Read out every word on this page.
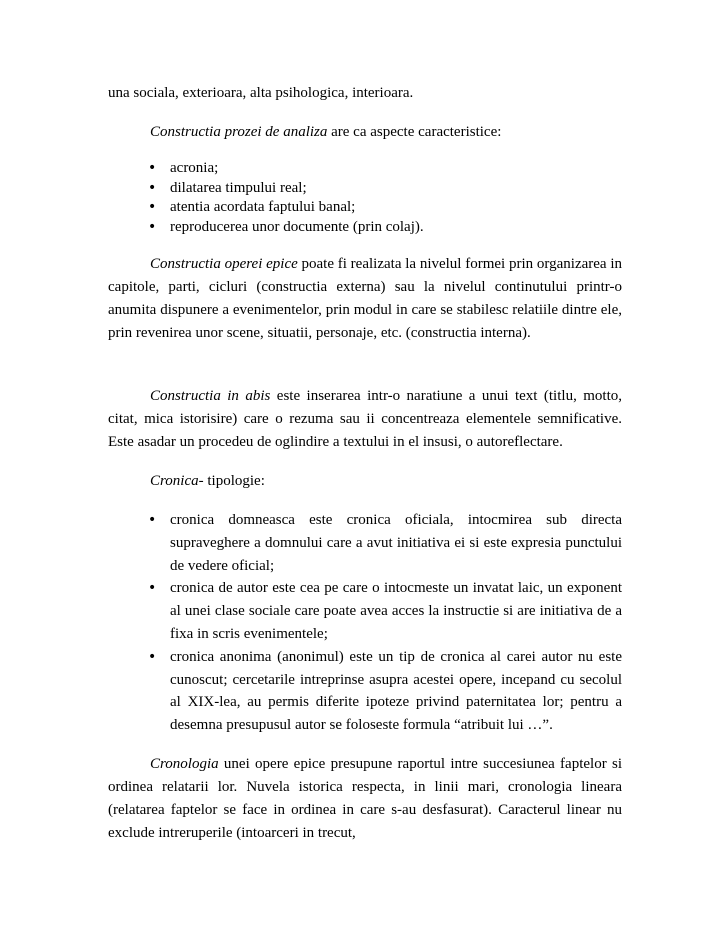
una sociala, exterioara, alta psihologica, interioara.

Constructia prozei de analiza are ca aspecte caracteristice:

• acronia;
• dilatarea timpului real;
• atentia acordata faptului banal;
• reproducerea unor documente (prin colaj).

Constructia operei epice poate fi realizata la nivelul formei prin organizarea in capitole, parti, cicluri (constructia externa) sau la nivelul continutului printr-o anumita dispunere a evenimentelor, prin modul in care se stabilesc relatiile dintre ele, prin revenirea unor scene, situatii, personaje, etc. (constructia interna).

Constructia in abis este inserarea intr-o naratiune a unui text (titlu, motto, citat, mica istorisire) care o rezuma sau ii concentreaza elementele semnificative. Este asadar un procedeu de oglindire a textului in el insusi, o autoreflectare.

Cronica- tipologie:

• cronica domneasca este cronica oficiala, intocmirea sub directa supraveghere a domnului care a avut initiativa ei si este expresia punctului de vedere oficial;
• cronica de autor este cea pe care o intocmeste un invatat laic, un exponent al unei clase sociale care poate avea acces la instructie si are initiativa de a fixa in scris evenimentele;
• cronica anonima (anonimul) este un tip de cronica al carei autor nu este cunoscut; cercetarile intreprinse asupra acestei opere, incepand cu secolul al XIX-lea, au permis diferite ipoteze privind paternitatea lor; pentru a desemna presupusul autor se foloseste formula “atribuit lui …”.

Cronologia unei opere epice presupune raportul intre succesiunea faptelor si ordinea relatarii lor. Nuvela istorica respecta, in linii mari, cronologia lineara (relatarea faptelor se face in ordinea in care s-au desfasurat). Caracterul linear nu exclude intreruperile (intoarceri in trecut,
